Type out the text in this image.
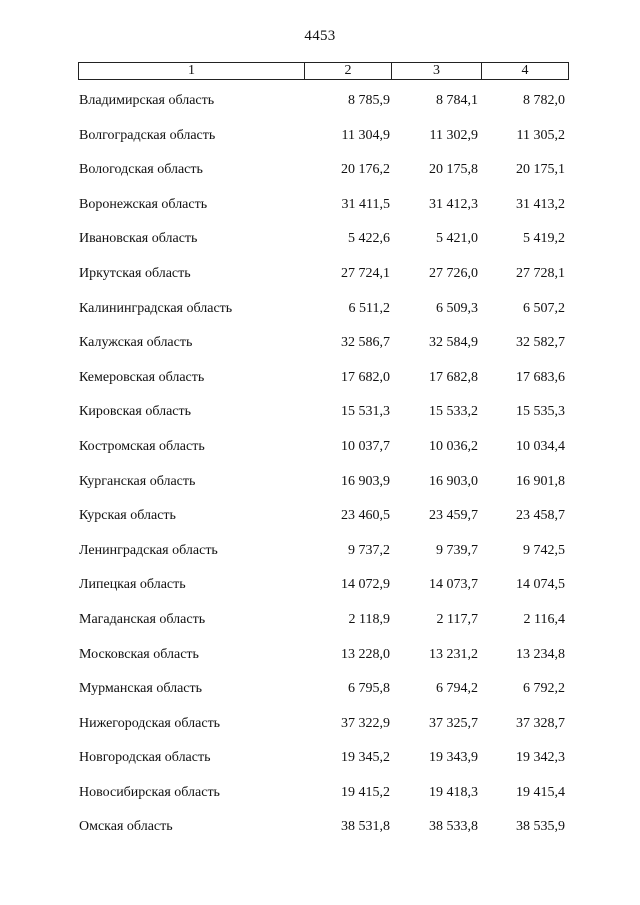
4453
1	2	3	4
Владимирская область	8 785,9	8 784,1	8 782,0
Волгоградская область	11 304,9	11 302,9	11 305,2
Вологодская область	20 176,2	20 175,8	20 175,1
Воронежская область	31 411,5	31 412,3	31 413,2
Ивановская область	5 422,6	5 421,0	5 419,2
Иркутская область	27 724,1	27 726,0	27 728,1
Калининградская область	6 511,2	6 509,3	6 507,2
Калужская область	32 586,7	32 584,9	32 582,7
Кемеровская область	17 682,0	17 682,8	17 683,6
Кировская область	15 531,3	15 533,2	15 535,3
Костромская область	10 037,7	10 036,2	10 034,4
Курганская область	16 903,9	16 903,0	16 901,8
Курская область	23 460,5	23 459,7	23 458,7
Ленинградская область	9 737,2	9 739,7	9 742,5
Липецкая область	14 072,9	14 073,7	14 074,5
Магаданская область	2 118,9	2 117,7	2 116,4
Московская область	13 228,0	13 231,2	13 234,8
Мурманская область	6 795,8	6 794,2	6 792,2
Нижегородская область	37 322,9	37 325,7	37 328,7
Новгородская область	19 345,2	19 343,9	19 342,3
Новосибирская область	19 415,2	19 418,3	19 415,4
Омская область	38 531,8	38 533,8	38 535,9
